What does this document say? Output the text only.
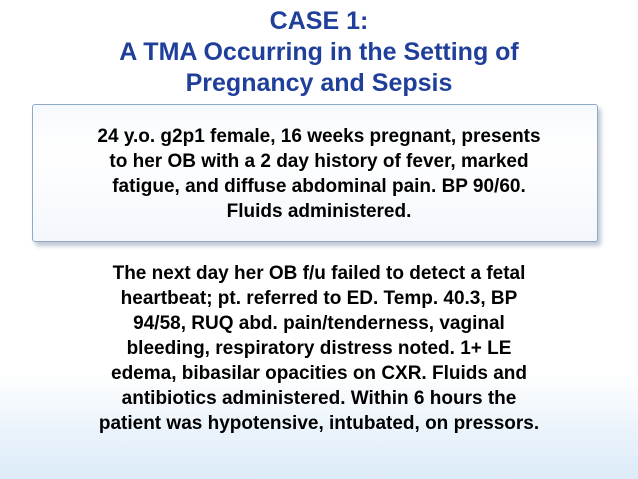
CASE 1:
A TMA Occurring in the Setting of
Pregnancy and Sepsis

24 y.o. g2p1 female, 16 weeks pregnant, presents
to her OB with a 2 day history of fever, marked
fatigue, and diffuse abdominal pain. BP 90/60.
Fluids administered.

The next day her OB f/u failed to detect a fetal
heartbeat; pt. referred to ED. Temp. 40.3, BP
94/58, RUQ abd. pain/tenderness, vaginal
bleeding, respiratory distress noted. 1+ LE
edema, bibasilar opacities on CXR. Fluids and
antibiotics administered. Within 6 hours the
patient was hypotensive, intubated, on pressors.
